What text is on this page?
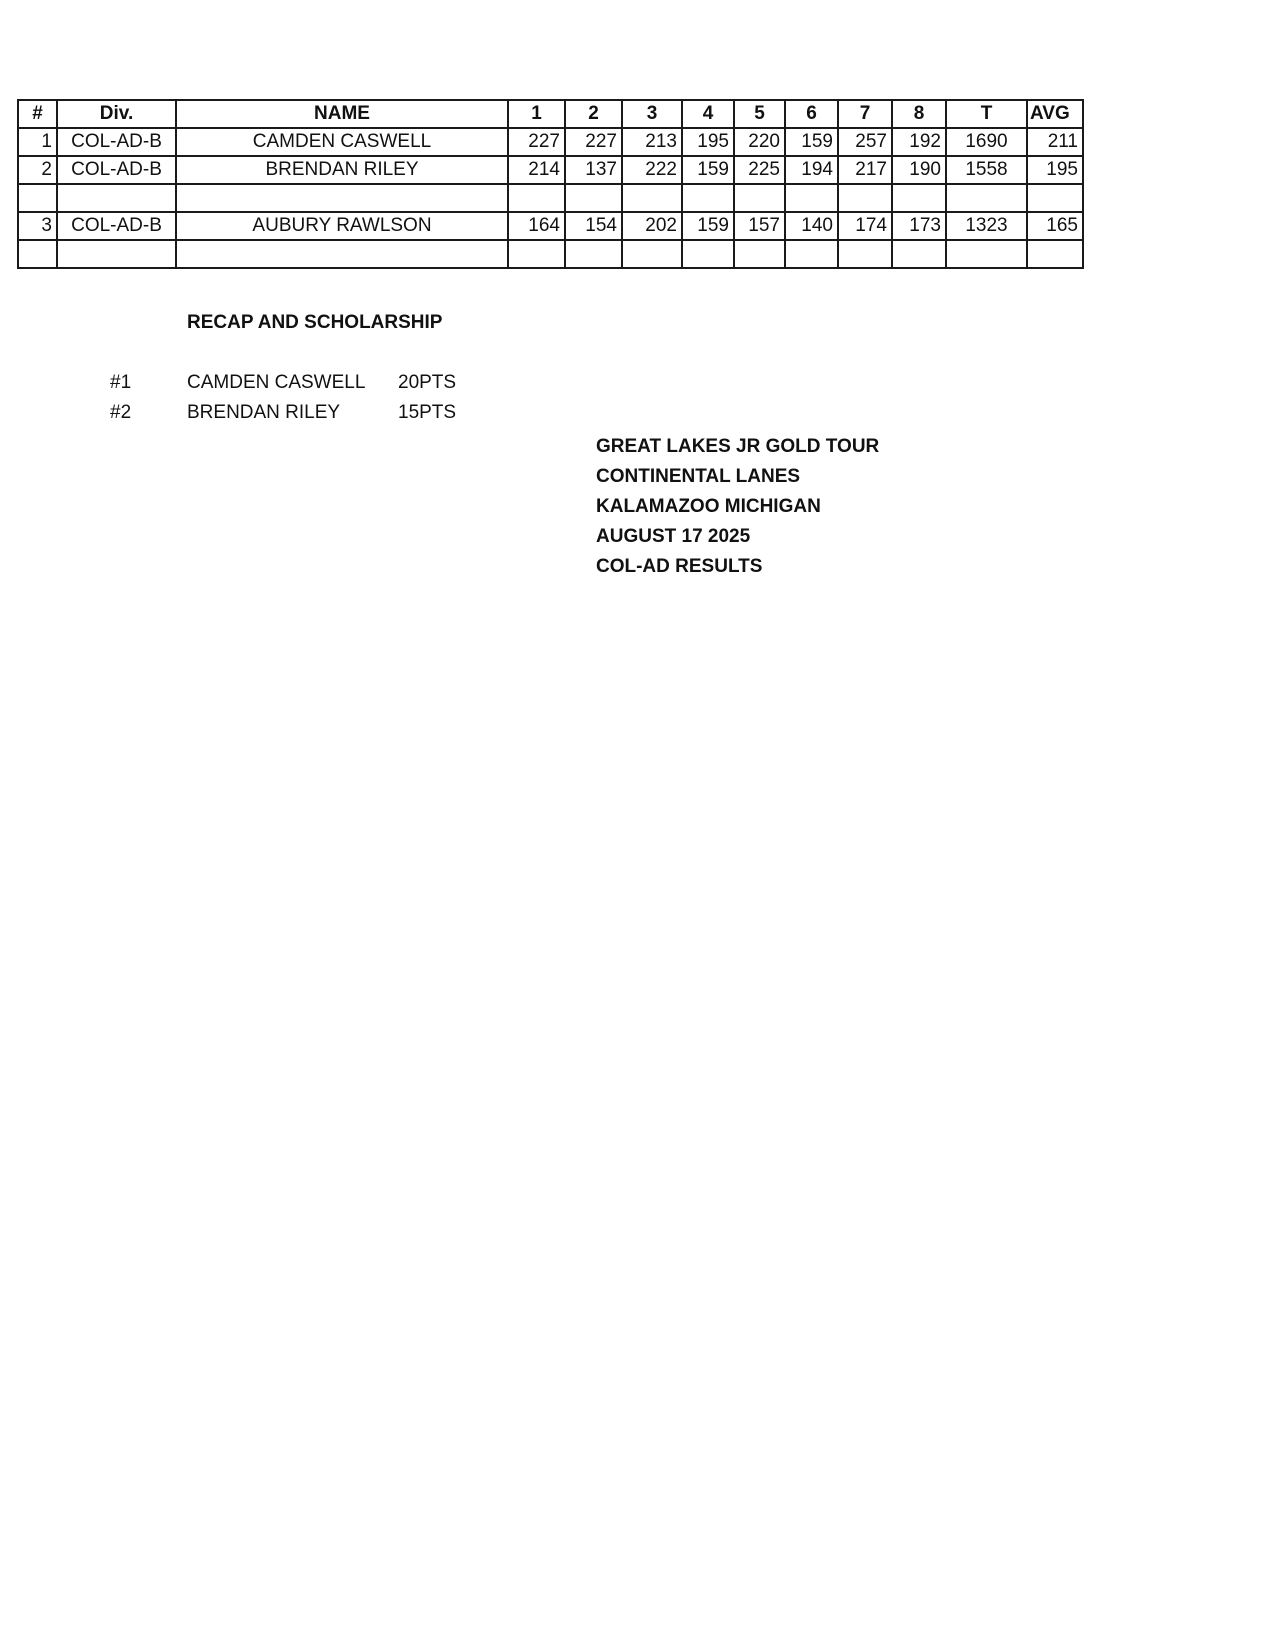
#	Div.	NAME	1	2	3	4	5	6	7	8	T	AVG
1	COL-AD-B	CAMDEN CASWELL	227	227	213	195	220	159	257	192	1690	211
2	COL-AD-B	BRENDAN RILEY	214	137	222	159	225	194	217	190	1558	195

3	COL-AD-B	AUBURY RAWLSON	164	154	202	159	157	140	174	173	1323	165

RECAP AND SCHOLARSHIP
#1	CAMDEN CASWELL 20PTS
#2	BRENDAN RILEY	15PTS
GREAT LAKES JR GOLD TOUR
CONTINENTAL LANES
KALAMAZOO MICHIGAN
AUGUST 17 2025
COL-AD RESULTS
